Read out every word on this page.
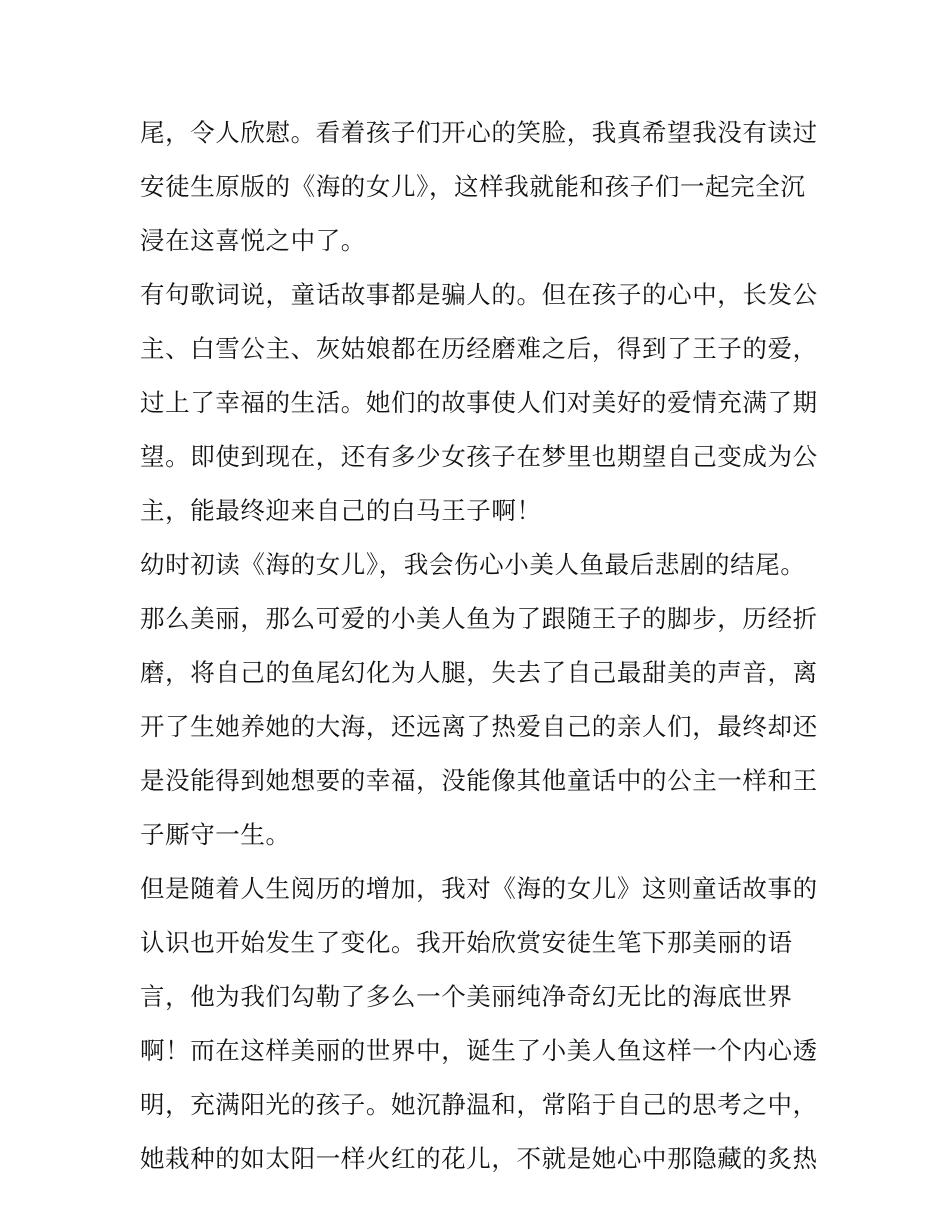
尾，令人欣慰。看着孩子们开心的笑脸，我真希望我没有读过
安徒生原版的《海的女儿》，这样我就能和孩子们一起完全沉
浸在这喜悦之中了。
有句歌词说，童话故事都是骗人的。但在孩子的心中，长发公
主、白雪公主、灰姑娘都在历经磨难之后，得到了王子的爱，
过上了幸福的生活。她们的故事使人们对美好的爱情充满了期
望。即使到现在，还有多少女孩子在梦里也期望自己变成为公
主，能最终迎来自己的白马王子啊！
幼时初读《海的女儿》，我会伤心小美人鱼最后悲剧的结尾。
那么美丽，那么可爱的小美人鱼为了跟随王子的脚步，历经折
磨，将自己的鱼尾幻化为人腿，失去了自己最甜美的声音，离
开了生她养她的大海，还远离了热爱自己的亲人们，最终却还
是没能得到她想要的幸福，没能像其他童话中的公主一样和王
子厮守一生。
但是随着人生阅历的增加，我对《海的女儿》这则童话故事的
认识也开始发生了变化。我开始欣赏安徒生笔下那美丽的语
言，他为我们勾勒了多么一个美丽纯净奇幻无比的海底世界
啊！而在这样美丽的世界中，诞生了小美人鱼这样一个内心透
明，充满阳光的孩子。她沉静温和，常陷于自己的思考之中，
她栽种的如太阳一样火红的花儿，不就是她心中那隐藏的炙热
